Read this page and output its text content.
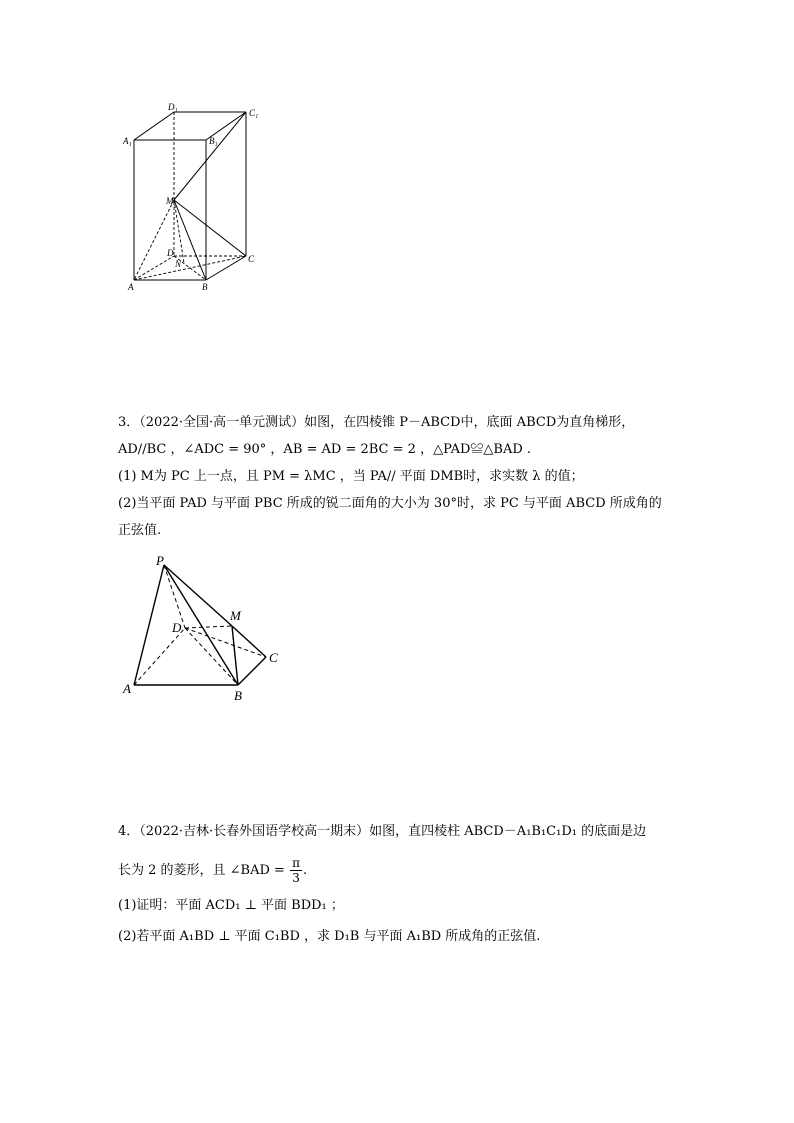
D₁
C₁
A₁	B₁
M
D
N	C
A	B
3．（2022·全国·高一单元测试）如图，在四棱锥 P－ABCD中，底面 ABCD为直角梯形，
AD//BC ，∠ADC = 90° ，AB = AD = 2BC = 2 ，△PAD≌△BAD .
(1) M为 PC 上一点，且 PM = λMC ，当 PA// 平面 DMB时，求实数 λ 的值；
(2)当平面 PAD 与平面 PBC 所成的锐二面角的大小为 30°时，求 PC 与平面 ABCD 所成角的
正弦值.
P
D
M
C
A	B
4．（2022·吉林·长春外国语学校高一期末）如图，直四棱柱 ABCD－A₁B₁C₁D₁ 的底面是边
长为 2 的菱形，且 ∠BAD = $\frac{\pi}{3}$ .
(1)证明：平面 ACD₁ ⊥ 平面 BDD₁ ；
(2)若平面 A₁BD ⊥ 平面 C₁BD ，求 D₁B 与平面 A₁BD 所成角的正弦值.
